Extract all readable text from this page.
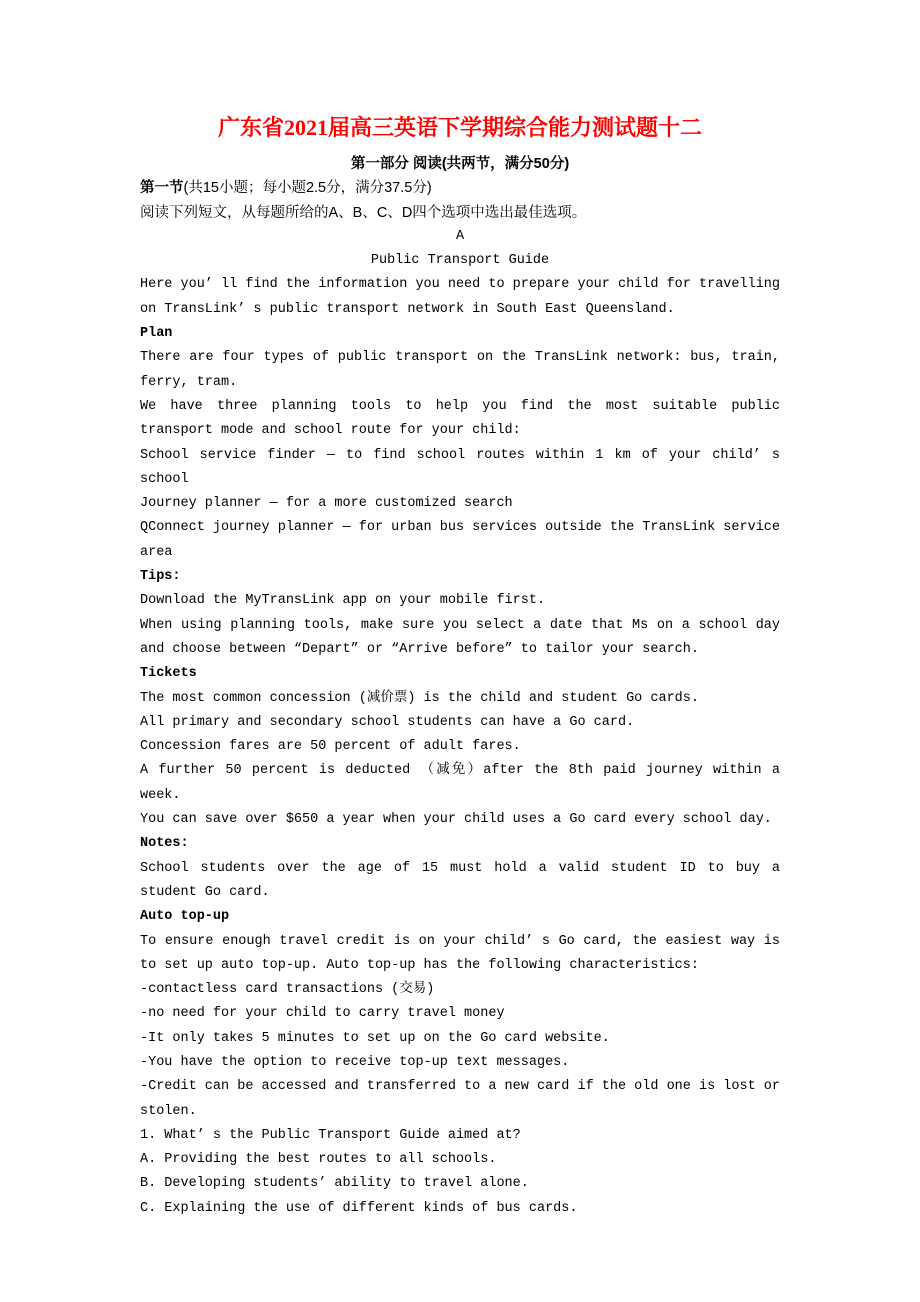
广东省2021届高三英语下学期综合能力测试题十二

第一部分 阅读(共两节，满分50分)

第一节(共15小题；每小题2.5分，满分37.5分)

阅读下列短文，从每题所给的A、B、C、D四个选项中选出最佳选项。

A

Public Transport Guide

Here you’ ll find the information you need to prepare your child for travelling on TransLink’ s public transport network in South East Queensland.

Plan

There are four types of public transport on the TransLink network: bus, train, ferry, tram.

We have three planning tools to help you find the most suitable public transport mode and school route for your child:

School service finder — to find school routes within 1 km of your child’ s school

Journey planner — for a more customized search

QConnect journey planner — for urban bus services outside the TransLink service area

Tips:

Download the MyTransLink app on your mobile first.

When using planning tools, make sure you select a date that Ms on a school day and choose between “Depart” or “Arrive before” to tailor your search.

Tickets

The most common concession (减价票) is the child and student Go cards.

All primary and secondary school students can have a Go card.

Concession fares are 50 percent of adult fares.

A further 50 percent is deducted （减免）after the 8th paid journey within a week.

You can save over $650 a year when your child uses a Go card every school day.

Notes:

School students over the age of 15 must hold a valid student ID to buy a student Go card.

Auto top-up

To ensure enough travel credit is on your child’ s Go card, the easiest way is to set up auto top-up. Auto top-up has the following characteristics:

-contactless card transactions (交易)

-no need for your child to carry travel money

-It only takes 5 minutes to set up on the Go card website.

-You have the option to receive top-up text messages.

-Credit can be accessed and transferred to a new card if the old one is lost or stolen.

1. What’ s the Public Transport Guide aimed at?

A. Providing the best routes to all schools.

B. Developing students’ ability to travel alone.

C. Explaining the use of different kinds of bus cards.
